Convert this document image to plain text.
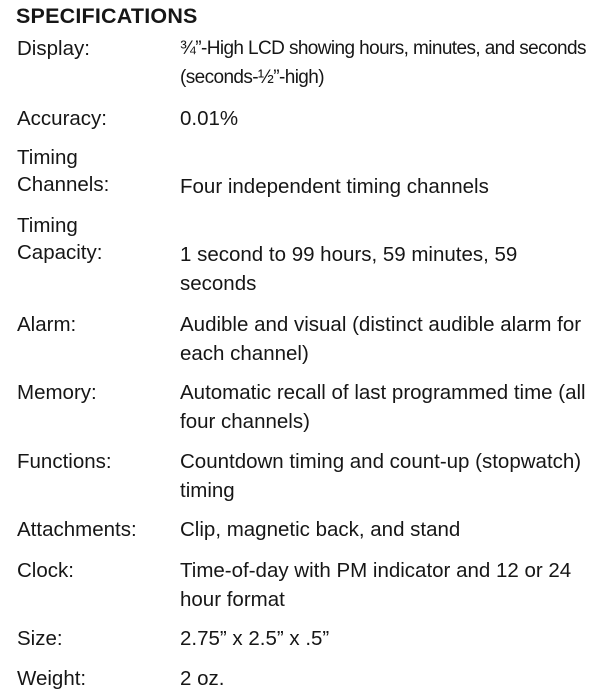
SPECIFICATIONS
Display:	¾”-High LCD showing hours, minutes, and seconds (seconds-½”-high)
Accuracy:	0.01%
Timing
Channels:	Four independent timing channels
Timing
Capacity:	1 second to 99 hours, 59 minutes, 59 seconds
Alarm:	Audible and visual (distinct audible alarm for each channel)
Memory:	Automatic recall of last programmed time (all four channels)
Functions:	Countdown timing and count-up (stopwatch) timing
Attachments: Clip, magnetic back, and stand
Clock:	Time-of-day with PM indicator and 12 or 24 hour format
Size:	2.75” x 2.5” x .5”
Weight:	2 oz.
